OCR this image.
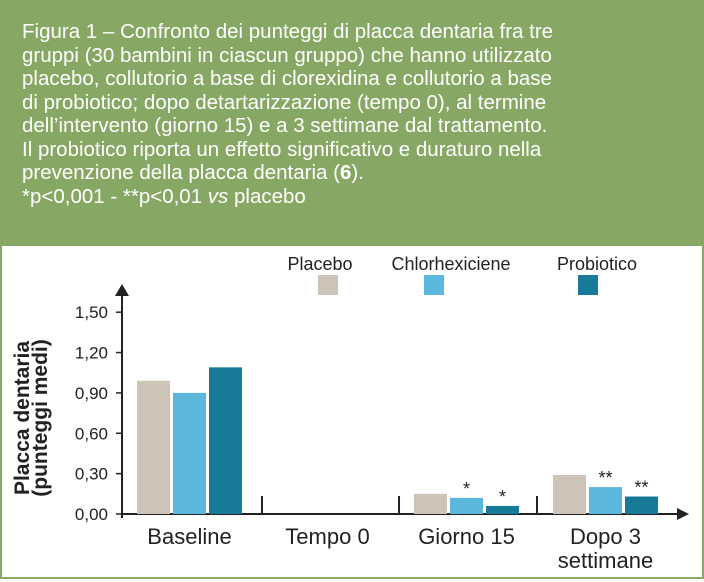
Figura 1 – Confronto dei punteggi di placca dentaria fra tre

gruppi (30 bambini in ciascun gruppo) che hanno utilizzato

placebo, collutorio a base di clorexidina e collutorio a base

di probiotico; dopo detartarizzazione (tempo 0), al termine

dell’intervento (giorno 15) e a 3 settimane dal trattamento.

Il probiotico riporta un effetto significativo e duraturo nella

prevenzione della placca dentaria (6).

*p<0,001 - **p<0,01 vs placebo

0,00
0,30
0,60
0,90
1,20
1,50
Placca dentaria
(punteggi medi)
Baseline Tempo 0
* *
Giorno 15
** **
Dopo 3
settimane
Placebo Chlorhexiciene	Probiotico
